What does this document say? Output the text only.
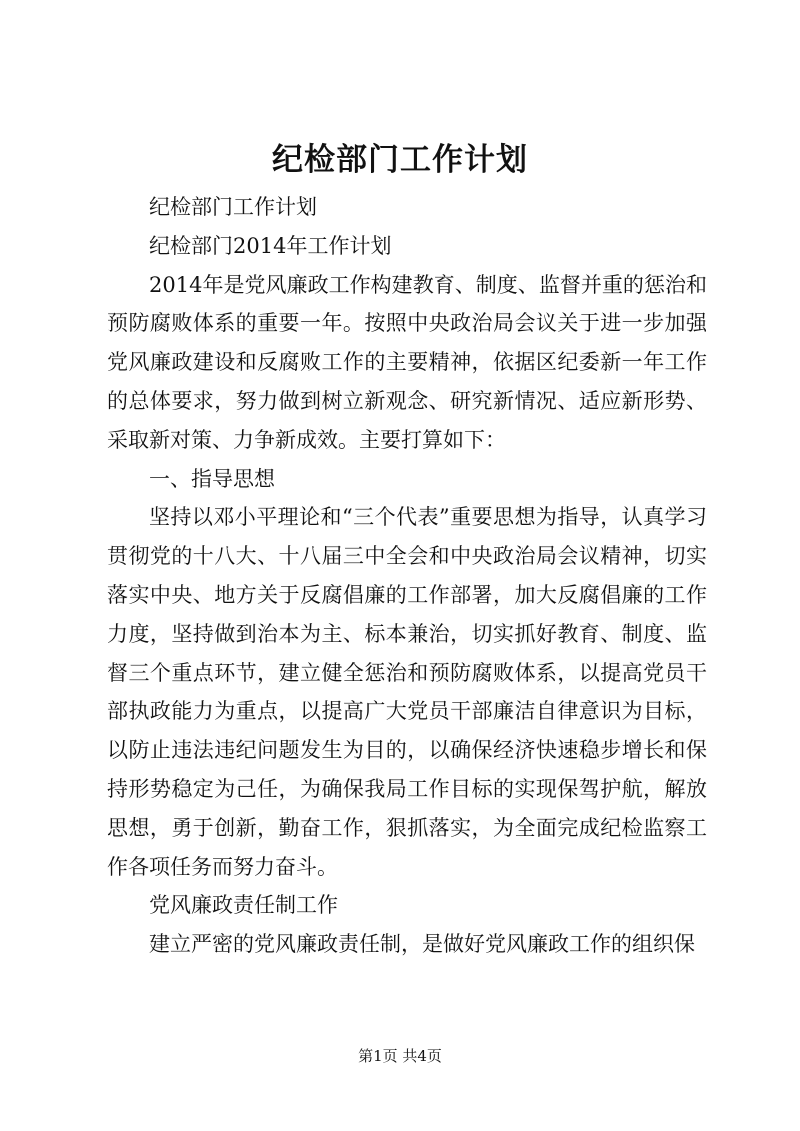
纪检部门工作计划

纪检部门工作计划

纪检部门2014年工作计划

2014年是党风廉政工作构建教育、制度、监督并重的惩治和预防腐败体系的重要一年。按照中央政治局会议关于进一步加强党风廉政建设和反腐败工作的主要精神，依据区纪委新一年工作的总体要求，努力做到树立新观念、研究新情况、适应新形势、采取新对策、力争新成效。主要打算如下：

一、指导思想

坚持以邓小平理论和“三个代表”重要思想为指导，认真学习贯彻党的十八大、十八届三中全会和中央政治局会议精神，切实落实中央、地方关于反腐倡廉的工作部署，加大反腐倡廉的工作力度，坚持做到治本为主、标本兼治，切实抓好教育、制度、监督三个重点环节，建立健全惩治和预防腐败体系，以提高党员干部执政能力为重点，以提高广大党员干部廉洁自律意识为目标，以防止违法违纪问题发生为目的，以确保经济快速稳步增长和保持形势稳定为己任，为确保我局工作目标的实现保驾护航，解放思想，勇于创新，勤奋工作，狠抓落实，为全面完成纪检监察工作各项任务而努力奋斗。

党风廉政责任制工作

建立严密的党风廉政责任制，是做好党风廉政工作的组织保

第1页 共4页
